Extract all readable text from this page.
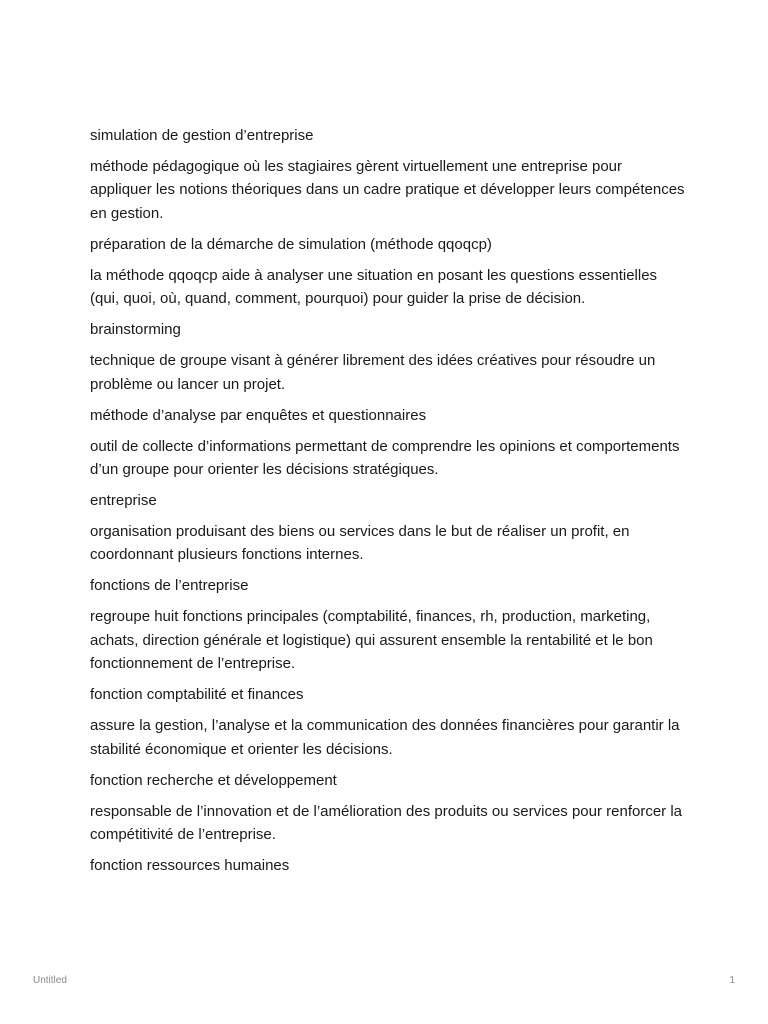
simulation de gestion d’entreprise

méthode pédagogique où les stagiaires gèrent virtuellement une entreprise pour appliquer les notions théoriques dans un cadre pratique et développer leurs compétences en gestion.

préparation de la démarche de simulation (méthode qqoqcp)

la méthode qqoqcp aide à analyser une situation en posant les questions essentielles (qui, quoi, où, quand, comment, pourquoi) pour guider la prise de décision.

brainstorming

technique de groupe visant à générer librement des idées créatives pour résoudre un problème ou lancer un projet.

méthode d’analyse par enquêtes et questionnaires

outil de collecte d’informations permettant de comprendre les opinions et comportements d’un groupe pour orienter les décisions stratégiques.

entreprise

organisation produisant des biens ou services dans le but de réaliser un profit, en coordonnant plusieurs fonctions internes.

fonctions de l’entreprise

regroupe huit fonctions principales (comptabilité, finances, rh, production, marketing, achats, direction générale et logistique) qui assurent ensemble la rentabilité et le bon fonctionnement de l’entreprise.

fonction comptabilité et finances

assure la gestion, l’analyse et la communication des données financières pour garantir la stabilité économique et orienter les décisions.

fonction recherche et développement

responsable de l’innovation et de l’amélioration des produits ou services pour renforcer la compétitivité de l’entreprise.

fonction ressources humaines

Untitled	1
